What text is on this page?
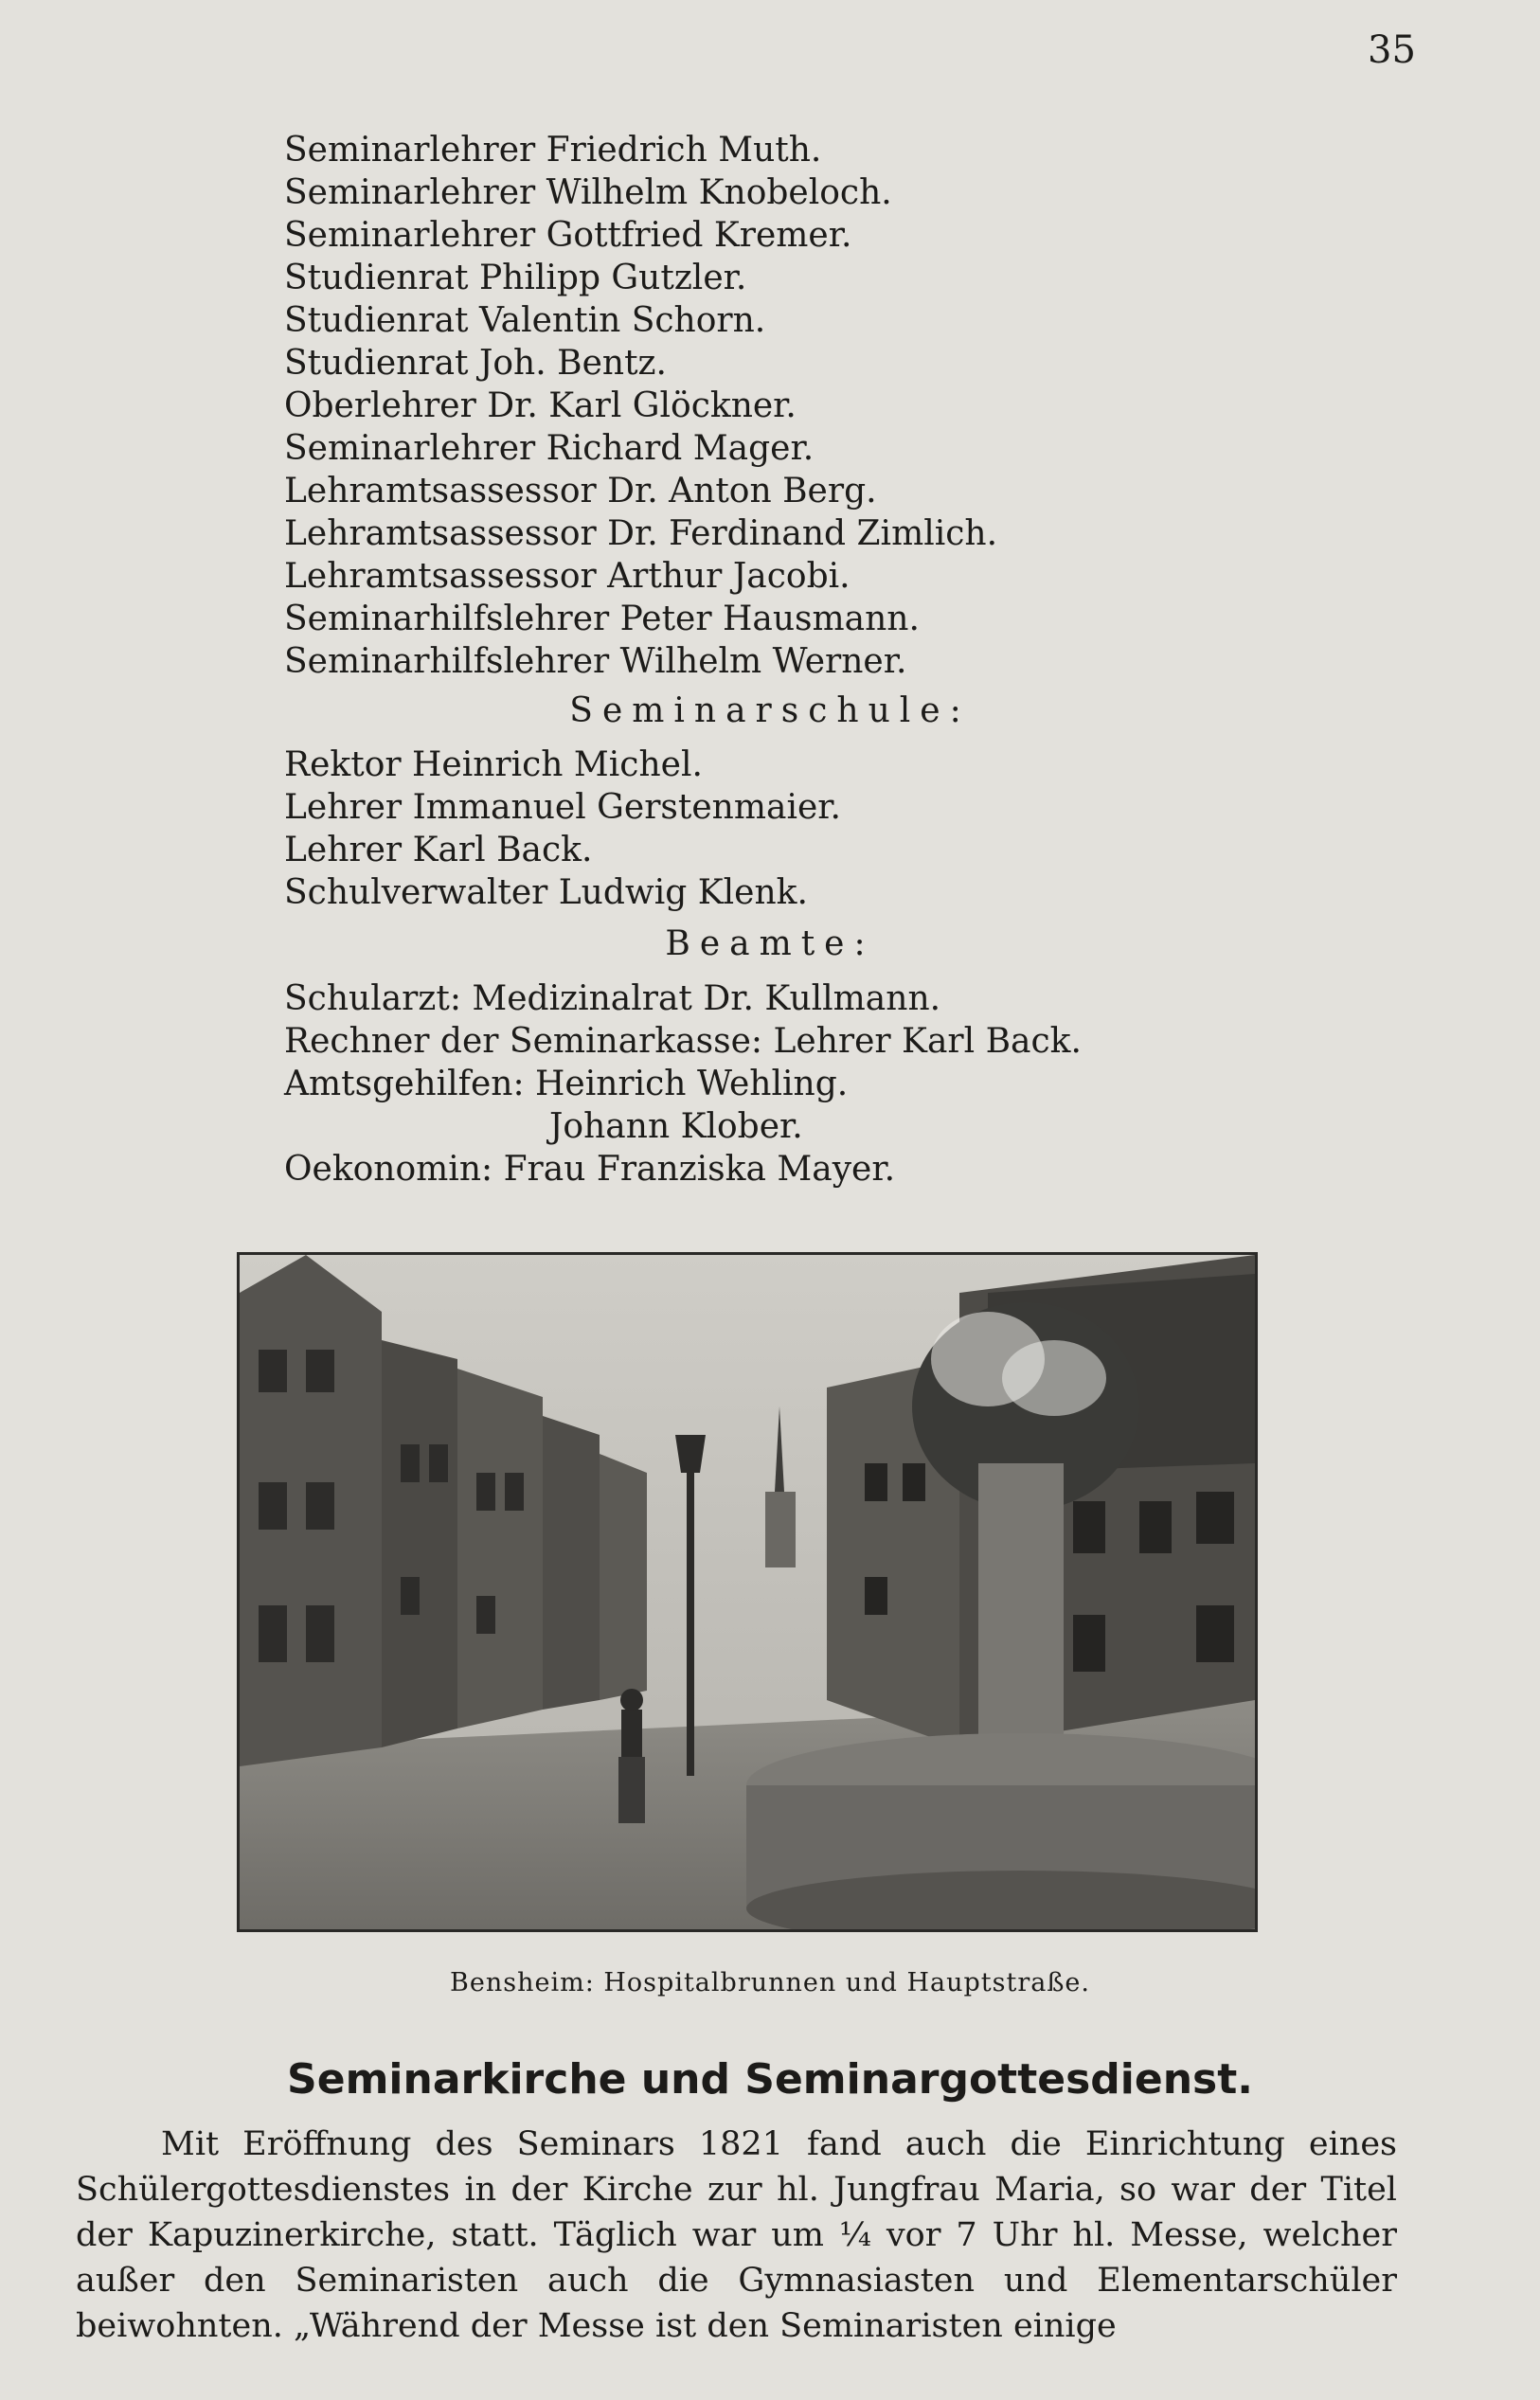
35
Seminarlehrer Friedrich Muth.
Seminarlehrer Wilhelm Knobeloch.
Seminarlehrer Gottfried Kremer.
Studienrat Philipp Gutzler.
Studienrat Valentin Schorn.
Studienrat Joh. Bentz.
Oberlehrer Dr. Karl Glöckner.
Seminarlehrer Richard Mager.
Lehramtsassessor Dr. Anton Berg.
Lehramtsassessor Dr. Ferdinand Zimlich.
Lehramtsassessor Arthur Jacobi.
Seminarhilfslehrer Peter Hausmann.
Seminarhilfslehrer Wilhelm Werner.
Seminarschule:
Rektor Heinrich Michel.
Lehrer Immanuel Gerstenmaier.
Lehrer Karl Back.
Schulverwalter Ludwig Klenk.
Beamte:
Schularzt: Medizinalrat Dr. Kullmann.
Rechner der Seminarkasse: Lehrer Karl Back.
Amtsgehilfen: Heinrich Wehling.
Johann Klober.
Oekonomin: Frau Franziska Mayer.
Bensheim: Hospitalbrunnen und Hauptstraße.
Seminarkirche und Seminargottesdienst.

Mit Eröffnung des Seminars 1821 fand auch die Einrichtung eines Schülergottesdienstes in der Kirche zur hl. Jungfrau Maria, so war der Titel der Kapuzinerkirche, statt. Täglich war um ¼ vor 7 Uhr hl. Messe, welcher außer den Seminaristen auch die Gymnasiasten und Elementarschüler beiwohnten. „Während der Messe ist den Seminaristen einige
